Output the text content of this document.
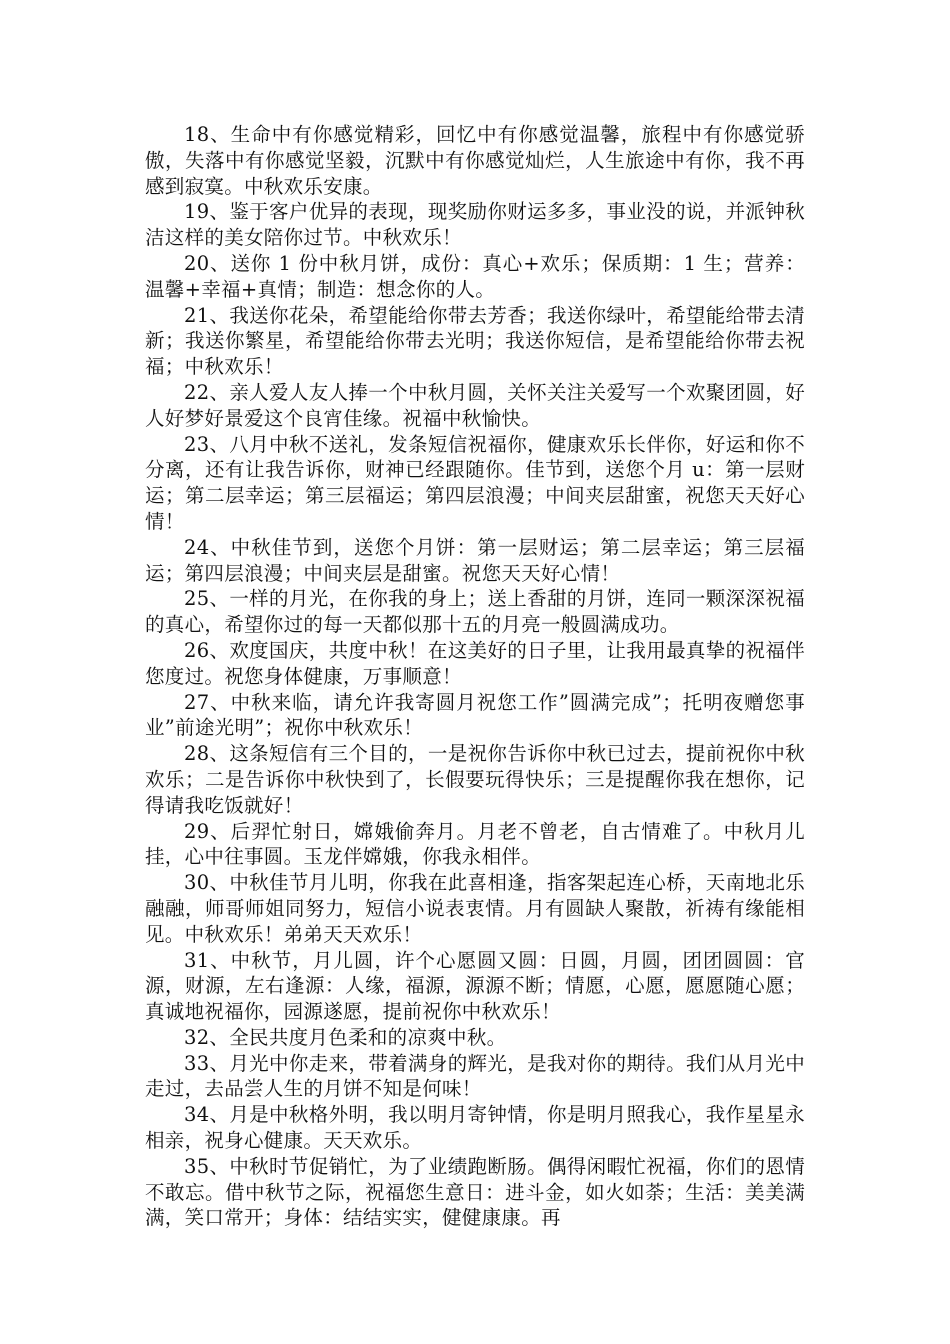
18、生命中有你感觉精彩，回忆中有你感觉温馨，旅程中有你感觉骄傲，失落中有你感觉坚毅，沉默中有你感觉灿烂，人生旅途中有你，我不再感到寂寞。中秋欢乐安康。

19、鉴于客户优异的表现，现奖励你财运多多，事业没的说，并派钟秋洁这样的美女陪你过节。中秋欢乐！

20、送你 1 份中秋月饼，成份：真心+欢乐；保质期：1 生；营养：温馨+幸福+真情；制造：想念你的人。

21、我送你花朵，希望能给你带去芳香；我送你绿叶，希望能给带去清新；我送你繁星，希望能给你带去光明；我送你短信，是希望能给你带去祝福；中秋欢乐！

22、亲人爱人友人捧一个中秋月圆，关怀关注关爱写一个欢聚团圆，好人好梦好景爱这个良宵佳缘。祝福中秋愉快。

23、八月中秋不送礼，发条短信祝福你，健康欢乐长伴你，好运和你不分离，还有让我告诉你，财神已经跟随你。佳节到，送您个月 u：第一层财运；第二层幸运；第三层福运；第四层浪漫；中间夹层甜蜜，祝您天天好心情！

24、中秋佳节到，送您个月饼：第一层财运；第二层幸运；第三层福运；第四层浪漫；中间夹层是甜蜜。祝您天天好心情！

25、一样的月光，在你我的身上；送上香甜的月饼，连同一颗深深祝福的真心，希望你过的每一天都似那十五的月亮一般圆满成功。

26、欢度国庆，共度中秋！在这美好的日子里，让我用最真挚的祝福伴您度过。祝您身体健康，万事顺意！

27、中秋来临，请允许我寄圆月祝您工作”圆满完成”；托明夜赠您事业”前途光明”；祝你中秋欢乐！

28、这条短信有三个目的，一是祝你告诉你中秋已过去，提前祝你中秋欢乐；二是告诉你中秋快到了，长假要玩得快乐；三是提醒你我在想你，记得请我吃饭就好！

29、后羿忙射日，嫦娥偷奔月。月老不曾老，自古情难了。中秋月儿挂，心中往事圆。玉龙伴嫦娥，你我永相伴。

30、中秋佳节月儿明，你我在此喜相逢，指客架起连心桥，天南地北乐融融，师哥师姐同努力，短信小说表衷情。月有圆缺人聚散，祈祷有缘能相见。中秋欢乐！弟弟天天欢乐！

31、中秋节，月儿圆，许个心愿圆又圆：日圆，月圆，团团圆圆：官源，财源，左右逢源：人缘，福源，源源不断；情愿，心愿，愿愿随心愿；真诚地祝福你，园源遂愿，提前祝你中秋欢乐！

32、全民共度月色柔和的凉爽中秋。

33、月光中你走来，带着满身的辉光，是我对你的期待。我们从月光中走过，去品尝人生的月饼不知是何味！

34、月是中秋格外明，我以明月寄钟情，你是明月照我心，我作星星永相亲，祝身心健康。天天欢乐。

35、中秋时节促销忙，为了业绩跑断肠。偶得闲暇忙祝福，你们的恩情不敢忘。借中秋节之际，祝福您生意日：进斗金，如火如荼；生活：美美满满，笑口常开；身体：结结实实，健健康康。再
